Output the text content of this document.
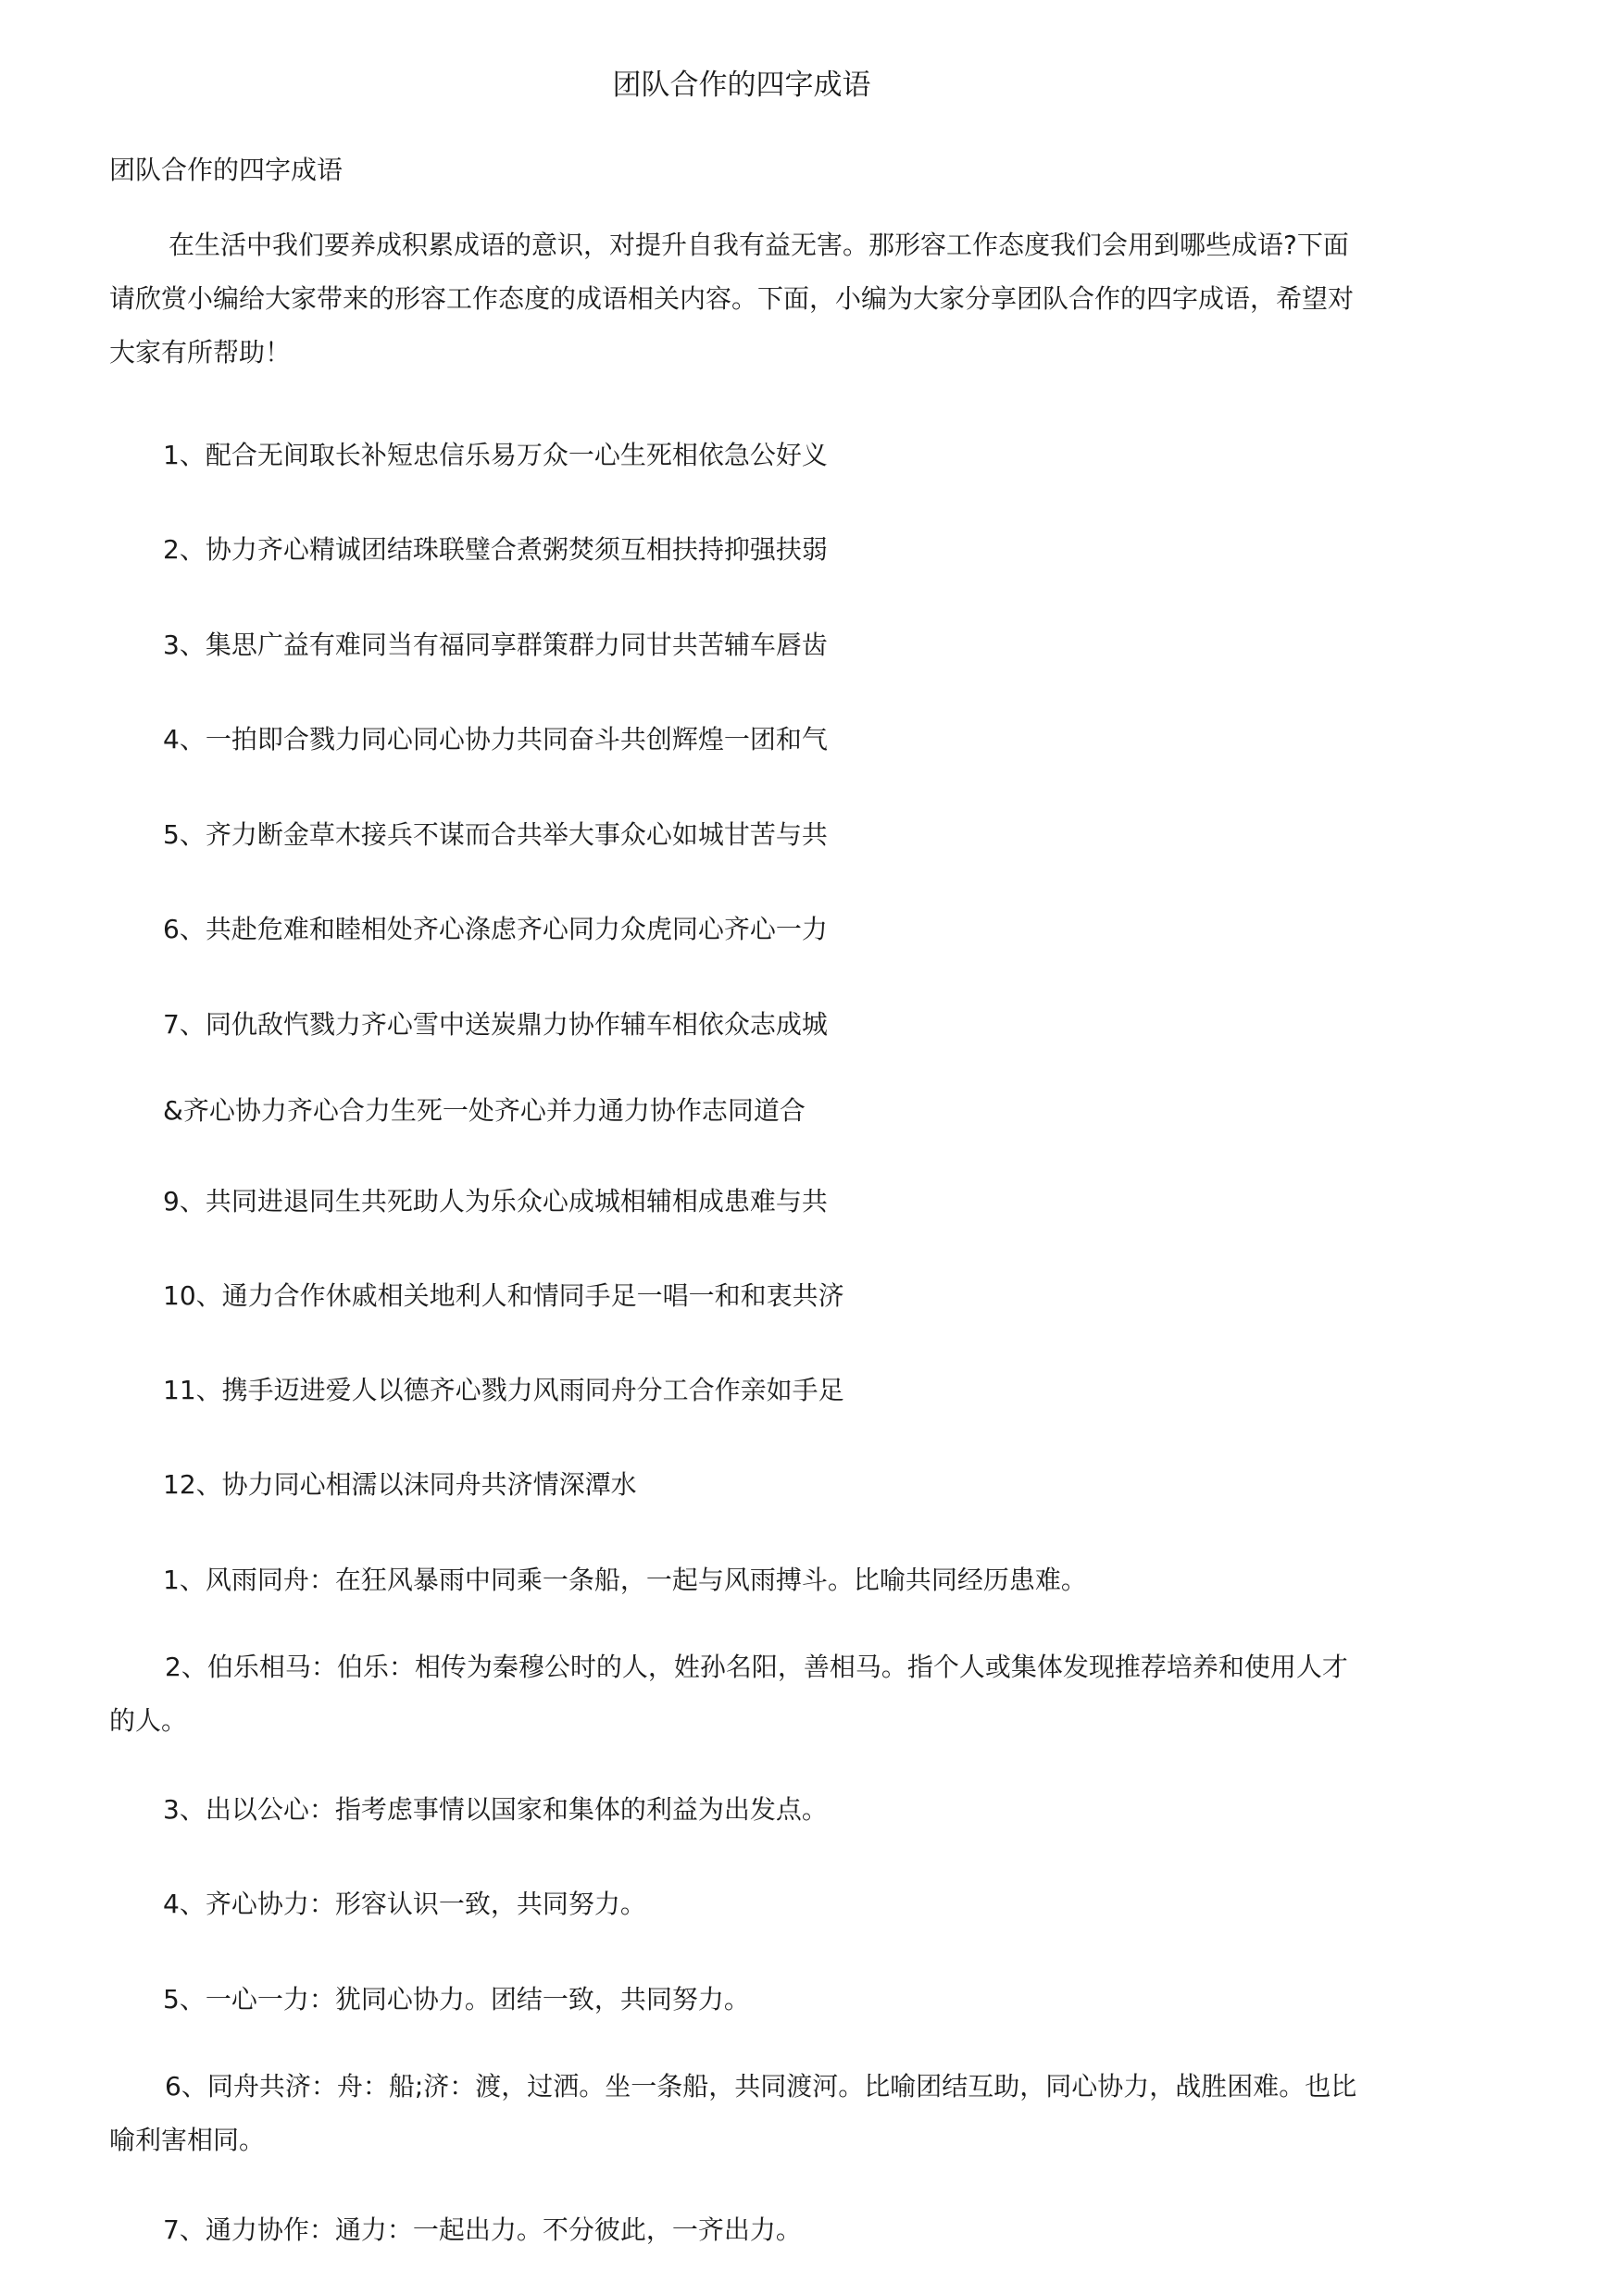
团队合作的四字成语
团队合作的四字成语
在生活中我们要养成积累成语的意识，对提升自我有益无害。那形容工作态度我们会用到哪些成语?下面请欣赏小编给大家带来的形容工作态度的成语相关内容。下面，小编为大家分享团队合作的四字成语，希望对大家有所帮助！
1、配合无间取长补短忠信乐易万众一心生死相依急公好义
2、协力齐心精诚团结珠联璧合煮粥焚须互相扶持抑强扶弱
3、集思广益有难同当有福同享群策群力同甘共苦辅车唇齿
4、一拍即合戮力同心同心协力共同奋斗共创辉煌一团和气
5、齐力断金草木接兵不谋而合共举大事众心如城甘苦与共
6、共赴危难和睦相处齐心涤虑齐心同力众虎同心齐心一力
7、同仇敌忾戮力齐心雪中送炭鼎力协作辅车相依众志成城
&齐心协力齐心合力生死一处齐心并力通力协作志同道合
9、共同进退同生共死助人为乐众心成城相辅相成患难与共
10、通力合作休戚相关地利人和情同手足一唱一和和衷共济
11、携手迈进爱人以德齐心戮力风雨同舟分工合作亲如手足
12、协力同心相濡以沫同舟共济情深潭水
1、风雨同舟：在狂风暴雨中同乘一条船，一起与风雨搏斗。比喻共同经历患难。
2、伯乐相马：伯乐：相传为秦穆公时的人，姓孙名阳，善相马。指个人或集体发现推荐培养和使用人才的人。
3、出以公心：指考虑事情以国家和集体的利益为出发点。
4、齐心协力：形容认识一致，共同努力。
5、一心一力：犹同心协力。团结一致，共同努力。
6、同舟共济：舟：船;济：渡，过洒。坐一条船，共同渡河。比喻团结互助，同心协力，战胜困难。也比喻利害相同。
7、通力协作：通力：一起出力。不分彼此，一齐出力。
